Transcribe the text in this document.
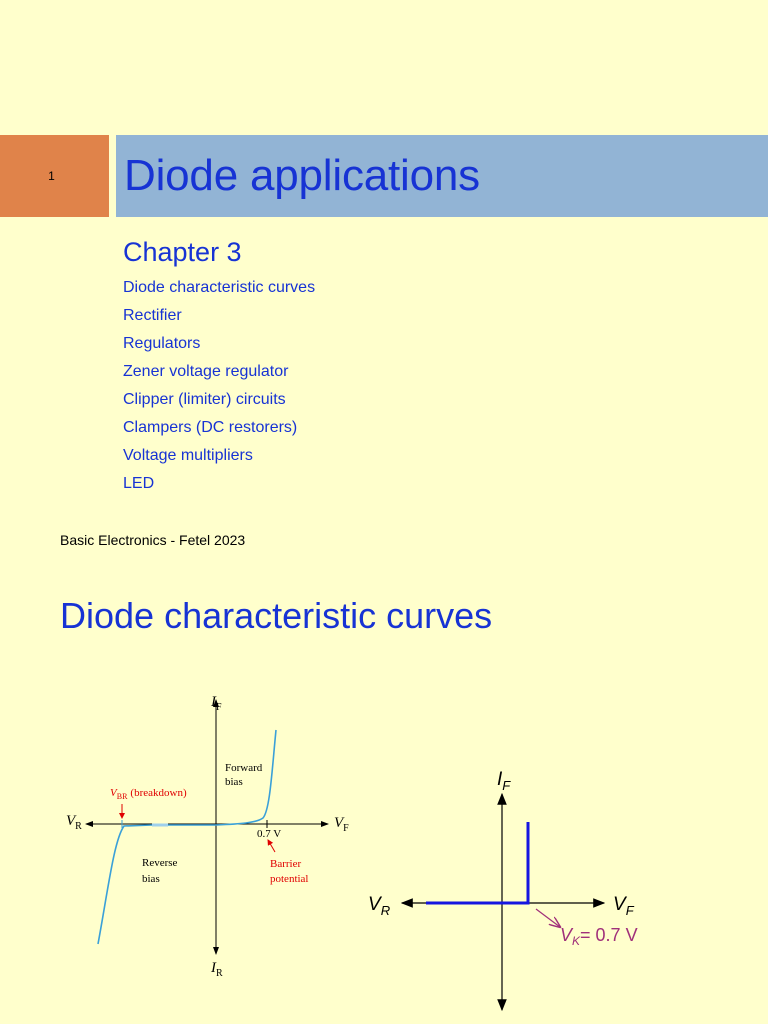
1 Diode applications
Chapter 3
Diode characteristic curves
Rectifier
Regulators
Zener voltage regulator
Clipper (limiter) circuits
Clampers (DC restorers)
Voltage multipliers
LED
Basic Electronics - Fetel 2023
Diode characteristic curves
$I_F$
$I_R$
$V_R$	$V_F$
$V_{BR}$ (breakdown)
Forward bias
Reverse bias
0.7 V
Barrier potential
$I_F$
$V_R$	$V_F$
$V_K= 0.7$ V
